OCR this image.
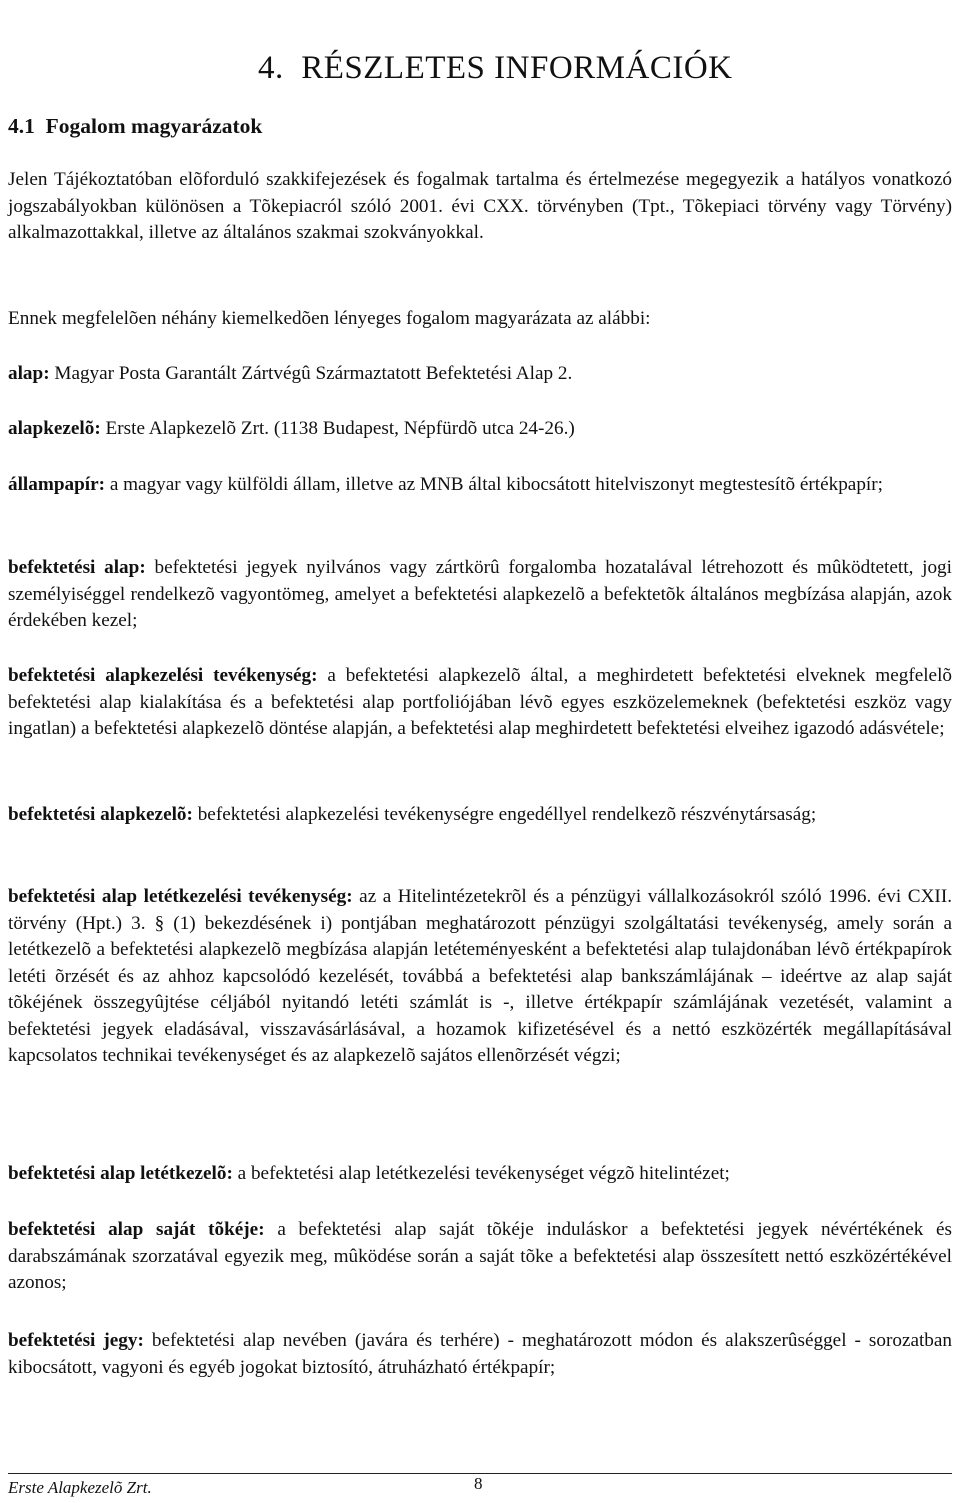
4. RÉSZLETES INFORMÁCIÓK
4.1 Fogalom magyarázatok

Jelen Tájékoztatóban elõforduló szakkifejezések és fogalmak tartalma és értelmezése megegyezik a hatályos vonatkozó jogszabályokban különösen a Tõkepiacról szóló 2001. évi CXX. törvényben (Tpt., Tõkepiaci törvény vagy Törvény) alkalmazottakkal, illetve az általános szakmai szokványokkal.

Ennek megfelelõen néhány kiemelkedõen lényeges fogalom magyarázata az alábbi:

alap: Magyar Posta Garantált Zártvégû Származtatott Befektetési Alap 2.

alapkezelõ: Erste Alapkezelõ Zrt. (1138 Budapest, Népfürdõ utca 24-26.)

állampapír: a magyar vagy külföldi állam, illetve az MNB által kibocsátott hitelviszonyt megtestesítõ értékpapír;

befektetési alap: befektetési jegyek nyilvános vagy zártkörû forgalomba hozatalával létrehozott és mûködtetett, jogi személyiséggel rendelkezõ vagyontömeg, amelyet a befektetési alapkezelõ a befektetõk általános megbízása alapján, azok érdekében kezel;

befektetési alapkezelési tevékenység: a befektetési alapkezelõ által, a meghirdetett befektetési elveknek megfelelõ befektetési alap kialakítása és a befektetési alap portfoliójában lévõ egyes eszközelemeknek (befektetési eszköz vagy ingatlan) a befektetési alapkezelõ döntése alapján, a befektetési alap meghirdetett befektetési elveihez igazodó adásvétele;

befektetési alapkezelõ: befektetési alapkezelési tevékenységre engedéllyel rendelkezõ részvénytársaság;

befektetési alap letétkezelési tevékenység: az a Hitelintézetekrõl és a pénzügyi vállalkozásokról szóló 1996. évi CXII. törvény (Hpt.) 3. § (1) bekezdésének i) pontjában meghatározott pénzügyi szolgáltatási tevékenység, amely során a letétkezelõ a befektetési alapkezelõ megbízása alapján letéteményesként a befektetési alap tulajdonában lévõ értékpapírok letéti õrzését és az ahhoz kapcsolódó kezelését, továbbá a befektetési alap bankszámlájának – ideértve az alap saját tõkéjének összegyûjtése céljából nyitandó letéti számlát is -, illetve értékpapír számlájának vezetését, valamint a befektetési jegyek eladásával, visszavásárlásával, a hozamok kifizetésével és a nettó eszközérték megállapításával kapcsolatos technikai tevékenységet és az alapkezelõ sajátos ellenõrzését végzi;

befektetési alap letétkezelõ: a befektetési alap letétkezelési tevékenységet végzõ hitelintézet;

befektetési alap saját tõkéje: a befektetési alap saját tõkéje induláskor a befektetési jegyek névértékének és darabszámának szorzatával egyezik meg, mûködése során a saját tõke a befektetési alap összesített nettó eszközértékével azonos;

befektetési jegy: befektetési alap nevében (javára és terhére) - meghatározott módon és alakszerûséggel - sorozatban kibocsátott, vagyoni és egyéb jogokat biztosító, átruházható értékpapír;

Erste Alapkezelõ Zrt.	8
